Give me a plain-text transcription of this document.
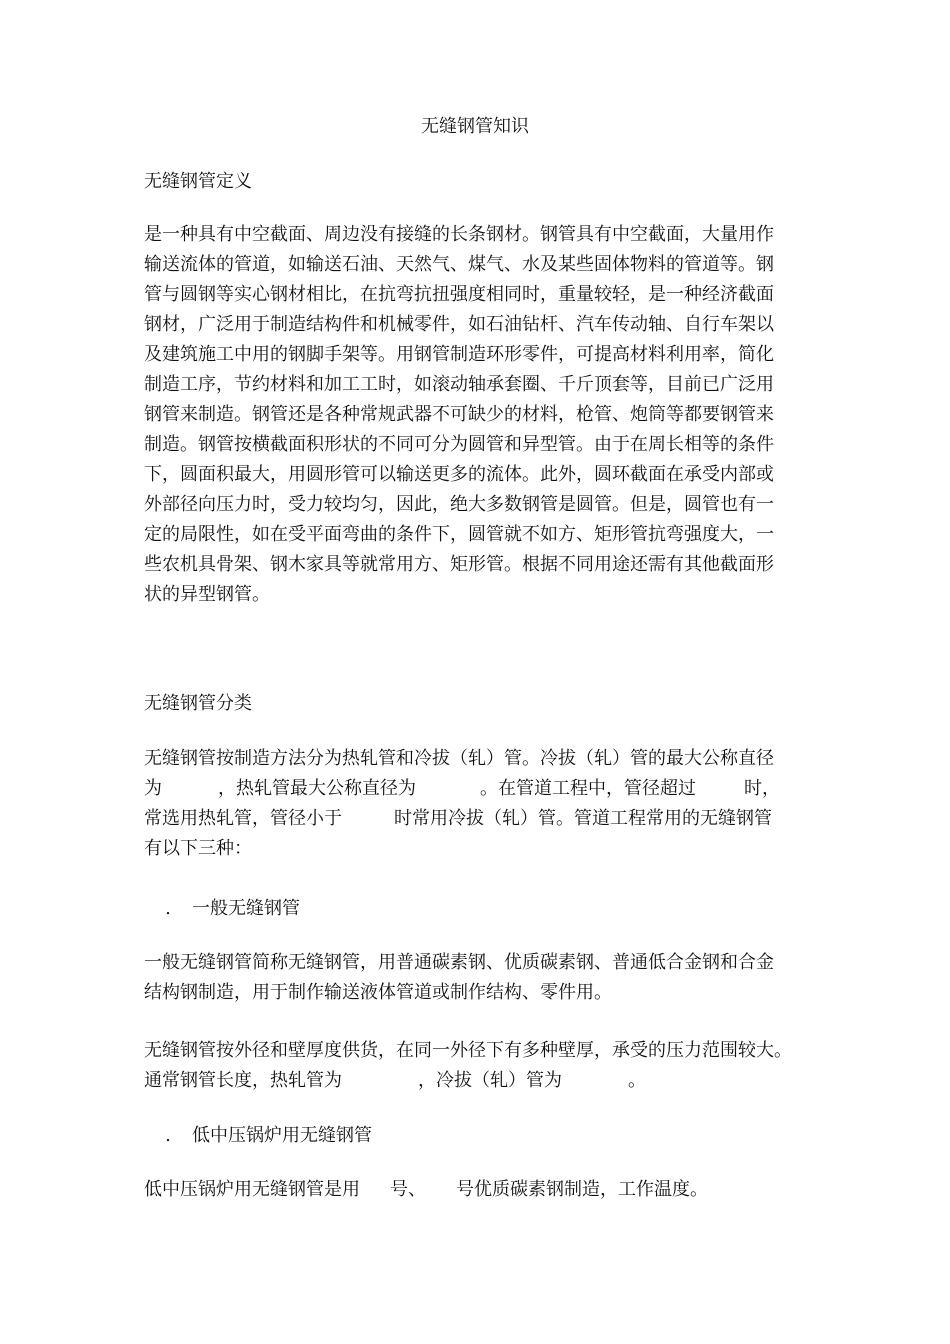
无缝钢管知识
无缝钢管定义
是一种具有中空截面、周边没有接缝的长条钢材。钢管具有中空截面，大量用作
输送流体的管道，如输送石油、天然气、煤气、水及某些固体物料的管道等。钢
管与圆钢等实心钢材相比，在抗弯抗扭强度相同时，重量较轻，是一种经济截面
钢材，广泛用于制造结构件和机械零件，如石油钻杆、汽车传动轴、自行车架以
及建筑施工中用的钢脚手架等。用钢管制造环形零件，可提高材料利用率，简化
制造工序，节约材料和加工工时，如滚动轴承套圈、千斤顶套等，目前已广泛用
钢管来制造。钢管还是各种常规武器不可缺少的材料，枪管、炮筒等都要钢管来
制造。钢管按横截面积形状的不同可分为圆管和异型管。由于在周长相等的条件
下，圆面积最大，用圆形管可以输送更多的流体。此外，圆环截面在承受内部或
外部径向压力时，受力较均匀，因此，绝大多数钢管是圆管。但是，圆管也有一
定的局限性，如在受平面弯曲的条件下，圆管就不如方、矩形管抗弯强度大，一
些农机具骨架、钢木家具等就常用方、矩形管。根据不同用途还需有其他截面形
状的异型钢管。
无缝钢管分类
无缝钢管按制造方法分为热轧管和冷拔（轧）管。冷拔（轧）管的最大公称直径
为	，热轧管最大公称直径为	。在管道工程中，管径超过	时，
常选用热轧管，管径小于	时常用冷拔（轧）管。管道工程常用的无缝钢管
有以下三种：
. 一般无缝钢管
一般无缝钢管简称无缝钢管，用普通碳素钢、优质碳素钢、普通低合金钢和合金
结构钢制造，用于制作输送液体管道或制作结构、零件用。
无缝钢管按外径和壁厚度供货，在同一外径下有多种壁厚，承受的压力范围较大。
通常钢管长度，热轧管为	，冷拔（轧）管为	。
. 低中压锅炉用无缝钢管
低中压锅炉用无缝钢管是用 号、 号优质碳素钢制造，工作温度。
